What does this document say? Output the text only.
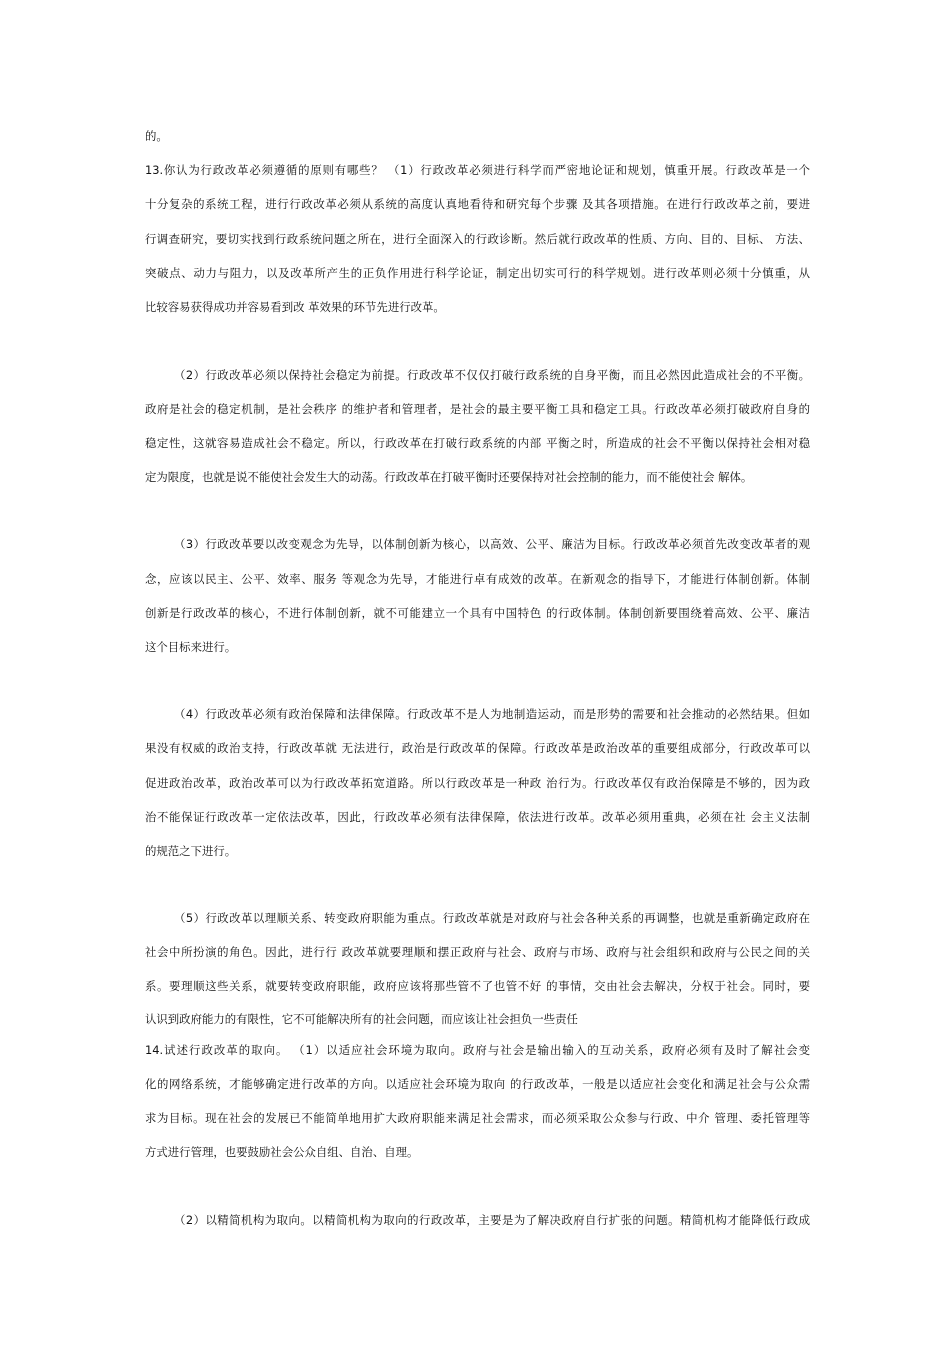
的。
13.你认为行政改革必须遵循的原则有哪些？ （1）行政改革必须进行科学而严密地论证和规划，慎重开展。行政改革是一个
十分复杂的系统工程，进行行政改革必须从系统的高度认真地看待和研究每个步骤 及其各项措施。在进行行政改革之前，要进
行调查研究，要切实找到行政系统问题之所在，进行全面深入的行政诊断。然后就行政改革的性质、方向、目的、目标、 方法、
突破点、动力与阻力，以及改革所产生的正负作用进行科学论证，制定出切实可行的科学规划。进行改革则必须十分慎重，从
比较容易获得成功并容易看到改 革效果的环节先进行改革。
（2）行政改革必须以保持社会稳定为前提。行政改革不仅仅打破行政系统的自身平衡，而且必然因此造成社会的不平衡。
政府是社会的稳定机制，是社会秩序 的维护者和管理者，是社会的最主要平衡工具和稳定工具。行政改革必须打破政府自身的
稳定性，这就容易造成社会不稳定。所以，行政改革在打破行政系统的内部 平衡之时，所造成的社会不平衡以保持社会相对稳
定为限度，也就是说不能使社会发生大的动荡。行政改革在打破平衡时还要保持对社会控制的能力，而不能使社会 解体。
（3）行政改革要以改变观念为先导，以体制创新为核心，以高效、公平、廉洁为目标。行政改革必须首先改变改革者的观
念，应该以民主、公平、效率、服务 等观念为先导，才能进行卓有成效的改革。在新观念的指导下，才能进行体制创新。体制
创新是行政改革的核心，不进行体制创新，就不可能建立一个具有中国特色 的行政体制。体制创新要围绕着高效、公平、廉洁
这个目标来进行。
（4）行政改革必须有政治保障和法律保障。行政改革不是人为地制造运动，而是形势的需要和社会推动的必然结果。但如
果没有权威的政治支持，行政改革就 无法进行，政治是行政改革的保障。行政改革是政治改革的重要组成部分，行政改革可以
促进政治改革，政治改革可以为行政改革拓宽道路。所以行政改革是一种政 治行为。行政改革仅有政治保障是不够的，因为政
治不能保证行政改革一定依法改革，因此，行政改革必须有法律保障，依法进行改革。改革必须用重典，必须在社 会主义法制
的规范之下进行。
（5）行政改革以理顺关系、转变政府职能为重点。行政改革就是对政府与社会各种关系的再调整，也就是重新确定政府在
社会中所扮演的角色。因此，进行行 政改革就要理顺和摆正政府与社会、政府与市场、政府与社会组织和政府与公民之间的关
系。要理顺这些关系，就要转变政府职能，政府应该将那些管不了也管不好 的事情，交由社会去解决，分权于社会。同时，要
认识到政府能力的有限性，它不可能解决所有的社会问题，而应该让社会担负一些责任
14.试述行政改革的取向。 （1）以适应社会环境为取向。政府与社会是输出输入的互动关系，政府必须有及时了解社会变
化的网络系统，才能够确定进行改革的方向。以适应社会环境为取向 的行政改革，一般是以适应社会变化和满足社会与公众需
求为目标。现在社会的发展已不能简单地用扩大政府职能来满足社会需求，而必须采取公众参与行政、中介 管理、委托管理等
方式进行管理，也要鼓励社会公众自组、自治、自理。
（2）以精简机构为取向。以精简机构为取向的行政改革，主要是为了解决政府自行扩张的问题。精简机构才能降低行政成
